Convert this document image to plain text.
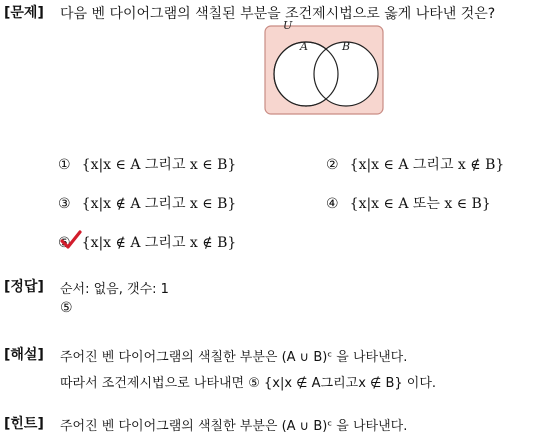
[문제] 다음 벤 다이어그램의 색칠된 부분을 조건제시법으로 옳게 나타낸 것은?
U
A	B
① {x|x ∈ A 그리고 x ∈ B}	② {x|x ∈ A 그리고 x ∉ B}
③ {x|x ∉ A 그리고 x ∈ B}	④ {x|x ∈ A 또는 x ∈ B}
⑤ {x|x ∉ A 그리고 x ∉ B}
[정답] 순서: 없음, 갯수: 1
⑤
[해설] 주어진 벤 다이어그램의 색칠한 부분은 (A ∪ B)ᶜ 을 나타낸다.
따라서 조건제시법으로 나타내면 ⑤ {x|x ∉ A그리고x ∉ B} 이다.
[힌트] 주어진 벤 다이어그램의 색칠한 부분은 (A ∪ B)ᶜ 을 나타낸다.
